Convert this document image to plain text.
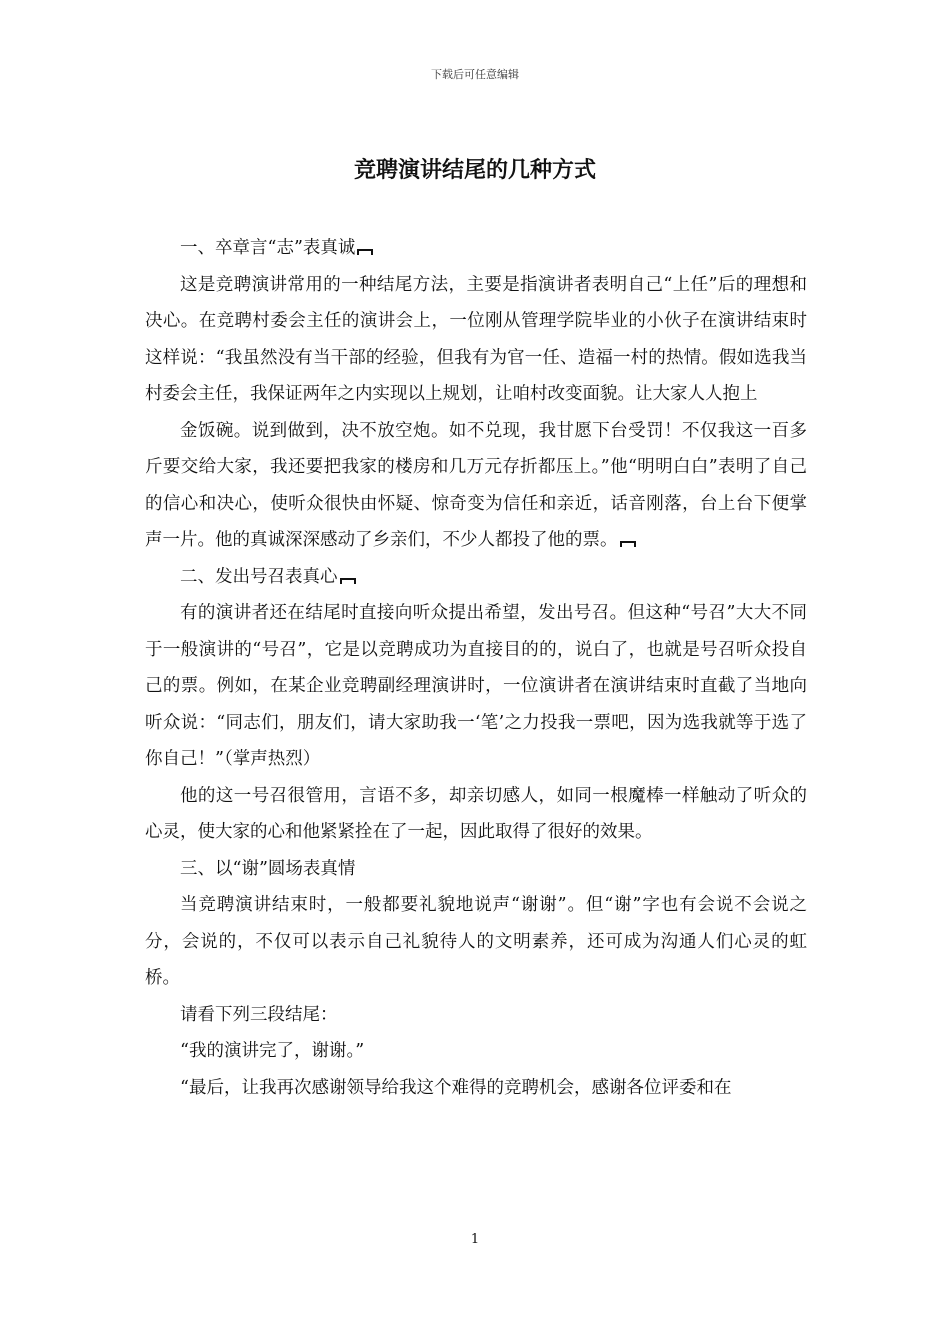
下载后可任意编辑
竞聘演讲结尾的几种方式

一、卒章言“志”表真诚

这是竞聘演讲常用的一种结尾方法，主要是指演讲者表明自己“上任”后的理想和决心。在竞聘村委会主任的演讲会上，一位刚从管理学院毕业的小伙子在演讲结束时这样说：“我虽然没有当干部的经验，但我有为官一任、造福一村的热情。假如选我当村委会主任，我保证两年之内实现以上规划，让咱村改变面貌。让大家人人抱上

金饭碗。说到做到，决不放空炮。如不兑现，我甘愿下台受罚！不仅我这一百多斤要交给大家，我还要把我家的楼房和几万元存折都压上。”他“明明白白”表明了自己的信心和决心，使听众很快由怀疑、惊奇变为信任和亲近，话音刚落，台上台下便掌声一片。他的真诚深深感动了乡亲们，不少人都投了他的票。

二、发出号召表真心

有的演讲者还在结尾时直接向听众提出希望，发出号召。但这种“号召”大大不同于一般演讲的“号召”，它是以竞聘成功为直接目的的，说白了，也就是号召听众投自己的票。例如，在某企业竞聘副经理演讲时，一位演讲者在演讲结束时直截了当地向听众说：“同志们，朋友们，请大家助我一‘笔’之力投我一票吧，因为选我就等于选了你自己！”（掌声热烈）

他的这一号召很管用，言语不多，却亲切感人，如同一根魔棒一样触动了听众的心灵，使大家的心和他紧紧拴在了一起，因此取得了很好的效果。

三、以“谢”圆场表真情

当竞聘演讲结束时，一般都要礼貌地说声“谢谢”。但“谢”字也有会说不会说之分，会说的，不仅可以表示自己礼貌待人的文明素养，还可成为沟通人们心灵的虹桥。

请看下列三段结尾：

“我的演讲完了，谢谢。”

“最后，让我再次感谢领导给我这个难得的竞聘机会，感谢各位评委和在

1
